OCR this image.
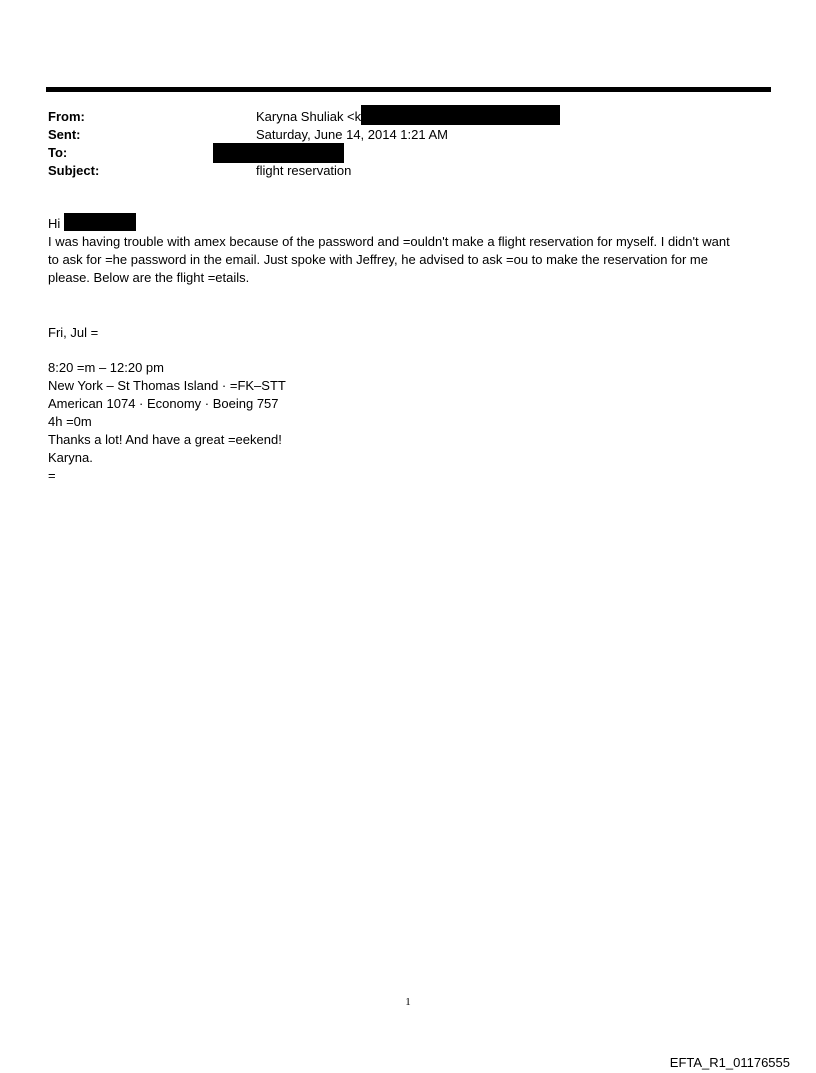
From:	Karyna Shuliak <k
Sent:	Saturday, June 14, 2014 1:21 AM
To:
Subject:	flight reservation
Hi
I was having trouble with amex because of the password and =ouldn't make a flight reservation for myself. I didn't want
to ask for =he password in the email. Just spoke with Jeffrey, he advised to ask =ou to make the reservation for me
please. Below are the flight =etails.
Fri, Jul =
8:20 =m – 12:20 pm
New York – St Thomas Island · =FK–STT
American 1074 · Economy · Boeing 757
4h =0m
Thanks a lot! And have a great =eekend!
Karyna.
=
1
EFTA_R1_01176555
